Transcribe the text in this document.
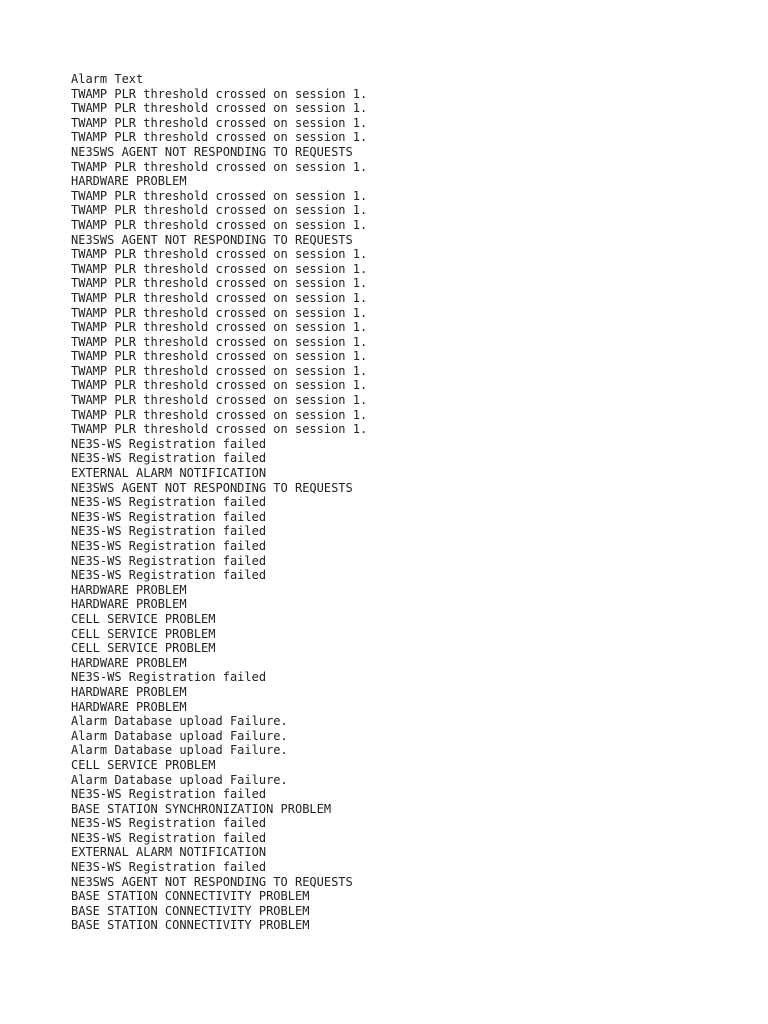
Alarm Text
TWAMP PLR threshold crossed on session 1.
TWAMP PLR threshold crossed on session 1.
TWAMP PLR threshold crossed on session 1.
TWAMP PLR threshold crossed on session 1.
NE3SWS AGENT NOT RESPONDING TO REQUESTS
TWAMP PLR threshold crossed on session 1.
HARDWARE PROBLEM
TWAMP PLR threshold crossed on session 1.
TWAMP PLR threshold crossed on session 1.
TWAMP PLR threshold crossed on session 1.
NE3SWS AGENT NOT RESPONDING TO REQUESTS
TWAMP PLR threshold crossed on session 1.
TWAMP PLR threshold crossed on session 1.
TWAMP PLR threshold crossed on session 1.
TWAMP PLR threshold crossed on session 1.
TWAMP PLR threshold crossed on session 1.
TWAMP PLR threshold crossed on session 1.
TWAMP PLR threshold crossed on session 1.
TWAMP PLR threshold crossed on session 1.
TWAMP PLR threshold crossed on session 1.
TWAMP PLR threshold crossed on session 1.
TWAMP PLR threshold crossed on session 1.
TWAMP PLR threshold crossed on session 1.
TWAMP PLR threshold crossed on session 1.
NE3S-WS Registration failed
NE3S-WS Registration failed
EXTERNAL ALARM NOTIFICATION
NE3SWS AGENT NOT RESPONDING TO REQUESTS
NE3S-WS Registration failed
NE3S-WS Registration failed
NE3S-WS Registration failed
NE3S-WS Registration failed
NE3S-WS Registration failed
NE3S-WS Registration failed
HARDWARE PROBLEM
HARDWARE PROBLEM
CELL SERVICE PROBLEM
CELL SERVICE PROBLEM
CELL SERVICE PROBLEM
HARDWARE PROBLEM
NE3S-WS Registration failed
HARDWARE PROBLEM
HARDWARE PROBLEM
Alarm Database upload Failure.
Alarm Database upload Failure.
Alarm Database upload Failure.
CELL SERVICE PROBLEM
Alarm Database upload Failure.
NE3S-WS Registration failed
BASE STATION SYNCHRONIZATION PROBLEM
NE3S-WS Registration failed
NE3S-WS Registration failed
EXTERNAL ALARM NOTIFICATION
NE3S-WS Registration failed
NE3SWS AGENT NOT RESPONDING TO REQUESTS
BASE STATION CONNECTIVITY PROBLEM
BASE STATION CONNECTIVITY PROBLEM
BASE STATION CONNECTIVITY PROBLEM
